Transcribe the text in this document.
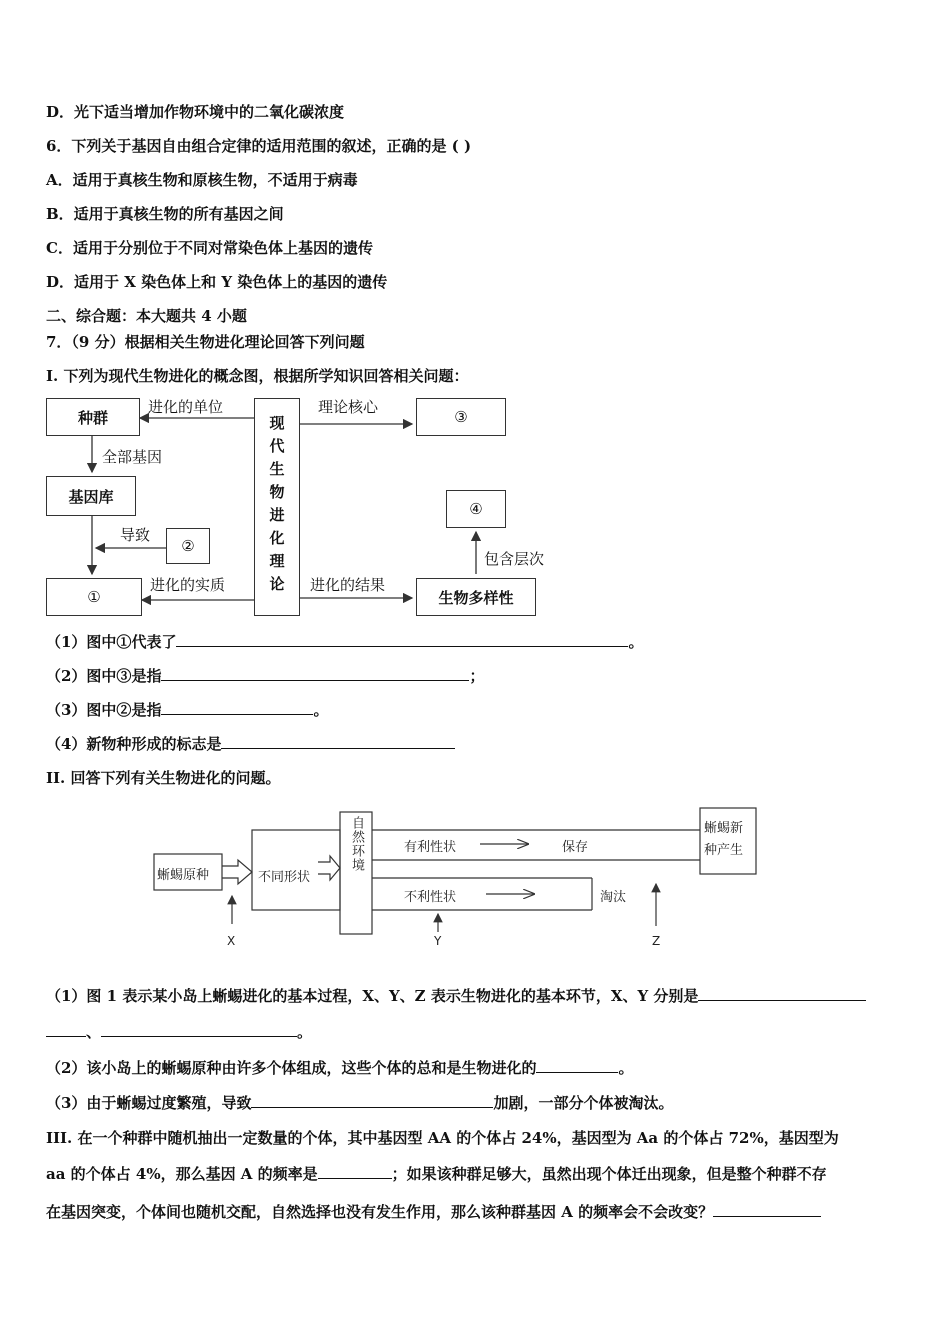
D．光下适当增加作物环境中的二氧化碳浓度
6．下列关于基因自由组合定律的适用范围的叙述，正确的是 ( )
A．适用于真核生物和原核生物，不适用于病毒
B．适用于真核生物的所有基因之间
C．适用于分别位于不同对常染色体上基因的遗传
D．适用于 X 染色体上和 Y 染色体上的基因的遗传
二、综合题：本大题共 4 小题
7．（9 分）根据相关生物进化理论回答下列问题
I. 下列为现代生物进化的概念图，根据所学知识回答相关问题：
种群
基因库
①
②	现代生物进化理论	③
④
生物多样性
进化的单位	理论核心
全部基因
导致
进化的实质	进化的结果
包含层次
（1）图中①代表了	。
（2）图中③是指	；
（3）图中②是指	。
（4）新物种形成的标志是
II. 回答下列有关生物进化的问题。
蜥蜴原种	不同形状
自然环境	有利性状	保存
不利性状	淘汰
蜥蜴新种产生
X	Y	Z
（1）图 1 表示某小岛上蜥蜴进化的基本过程，X、Y、Z 表示生物进化的基本环节，X、Y 分别是
、	。
（2）该小岛上的蜥蜴原种由许多个体组成，这些个体的总和是生物进化的	。
（3）由于蜥蜴过度繁殖，导致	加剧，一部分个体被淘汰。
III. 在一个种群中随机抽出一定数量的个体，其中基因型 AA 的个体占 24%，基因型为 Aa 的个体占 72%，基因型为
aa 的个体占 4%，那么基因 A 的频率是	；如果该种群足够大，虽然出现个体迁出现象，但是整个种群不存
在基因突变，个体间也随机交配，自然选择也没有发生作用，那么该种群基因 A 的频率会不会改变？
